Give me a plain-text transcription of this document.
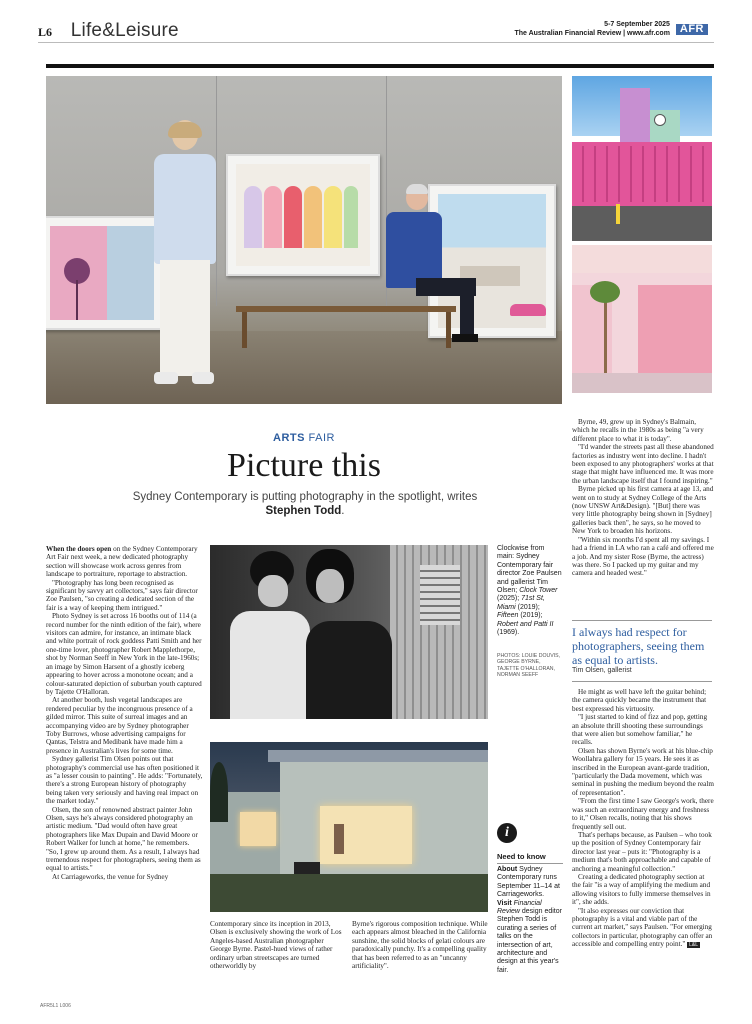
L6 Life&Leisure	5-7 September 2025
The Australian Financial Review | www.afr.com AFR
ARTS FAIR
Picture this
Sydney Contemporary is putting photography in the spotlight, writes Stephen Todd.

When the doors open on the Sydney Contemporary Art Fair next week, a new dedicated photography section will showcase work across genres from landscape to portraiture, reportage to abstraction.

"Photography has long been recognised as significant by savvy art collectors," says fair director Zoe Paulsen, "so creating a dedicated section of the fair is a way of keeping them intrigued."

Photo Sydney is set across 16 booths out of 114 (a record number for the ninth edition of the fair), where visitors can admire, for instance, an intimate black and white portrait of rock goddess Patti Smith and her one-time lover, photographer Robert Mapplethorpe, shot by Norman Seeff in New York in the late-1960s; an image by Simon Harsent of a ghostly iceberg appearing to hover across a monotone ocean; and a colour-saturated depiction of suburban youth captured by Tajette O'Halloran.

At another booth, lush vegetal landscapes are rendered peculiar by the incongruous presence of a gilded mirror. This suite of surreal images and an accompanying video are by Sydney photographer Toby Burrows, whose advertising campaigns for Qantas, Telstra and Medibank have made him a presence in Australian's lives for some time.

Sydney gallerist Tim Olsen points out that photography's commercial use has often positioned it as "a lesser cousin to painting". He adds: "Fortunately, there's a strong European history of photography being taken very seriously and having real impact on the market today."

Olsen, the son of renowned abstract painter John Olsen, says he's always considered photography an artistic medium. "Dad would often have great photographers like Max Dupain and David Moore or Robert Walker for lunch at home," he remembers. "So, I grew up around them. As a result, I always had tremendous respect for photographers, seeing them as equal to artists."

At Carriageworks, the venue for Sydney

Contemporary since its inception in 2013, Olsen is exclusively showing the work of Los Angeles-based Australian photographer George Byrne. Pastel-hued views of rather ordinary urban streetscapes are turned otherworldly by

Byrne's rigorous composition technique. While each appears almost bleached in the California sunshine, the solid blocks of gelati colours are paradoxically punchy. It's a compelling quality that has been referred to as an "uncanny artificiality".

Clockwise from main: Sydney Contemporary fair director Zoe Paulsen and gallerist Tim Olsen; Clock Tower (2025); 71st St, Miami (2019); Fifteen (2019); Robert and Patti II (1969).
PHOTOS: LOUIE DOUVIS, GEORGE BYRNE, TAJETTE O'HALLORAN, NORMAN SEEFF
i
Need to know

About Sydney Contemporary runs September 11–14 at Carriageworks.

Visit Financial Review design editor Stephen Todd is curating a series of talks on the intersection of art, architecture and design at this year's fair.

Byrne, 49, grew up in Sydney's Balmain, which he recalls in the 1980s as being "a very different place to what it is today".

"I'd wander the streets past all these abandoned factories as industry went into decline. I hadn't been exposed to any photographers' works at that stage that might have influenced me. It was more the urban landscape itself that I found inspiring."

Byrne picked up his first camera at age 13, and went on to study at Sydney College of the Arts (now UNSW Art&Design). "[But] there was very little photography being shown in [Sydney] galleries back then", he says, so he moved to New York to broaden his horizons.

"Within six months I'd spent all my savings. I had a friend in LA who ran a café and offered me a job. And my sister Rose (Byrne, the actress) was there. So I packed up my guitar and my camera and headed west."

I always had respect for photographers, seeing them as equal to artists.
Tim Olsen, gallerist

He might as well have left the guitar behind; the camera quickly became the instrument that best expressed his virtuosity.

"I just started to kind of fizz and pop, getting an absolute thrill shooting these surroundings that were alien but somehow familiar," he recalls.

Olsen has shown Byrne's work at his blue-chip Woollahra gallery for 15 years. He sees it as inscribed in the European avant-garde tradition, "particularly the Dada movement, which was seminal in pushing the medium beyond the realm of representation".

"From the first time I saw George's work, there was such an extraordinary energy and freshness to it," Olsen recalls, noting that his shows frequently sell out.

That's perhaps because, as Paulsen – who took up the position of Sydney Contemporary fair director last year – puts it: "Photography is a medium that's both approachable and capable of anchoring a meaningful collection."

Creating a dedicated photography section at the fair "is a way of amplifying the medium and allowing visitors to fully immerse themselves in it", she adds.

"It also expresses our conviction that photography is a vital and viable part of the current art market," says Paulsen. "For emerging collectors in particular, photography can offer an accessible and compelling entry point." L&L

AFR5L1 L006
